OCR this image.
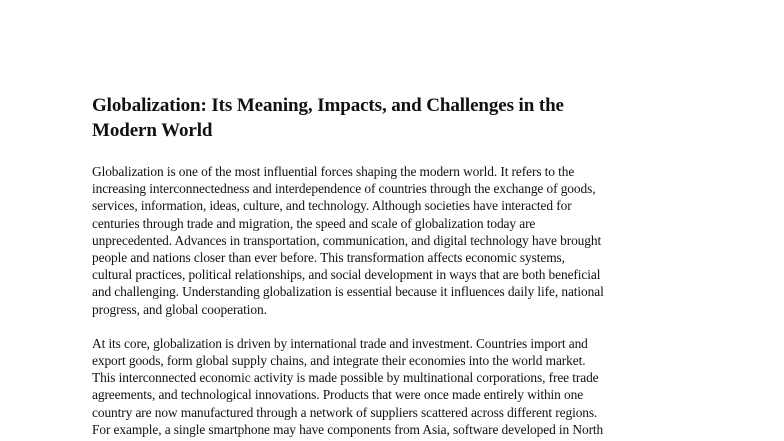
Globalization: Its Meaning, Impacts, and Challenges in the
Modern World

Globalization is one of the most influential forces shaping the modern world. It refers to the
increasing interconnectedness and interdependence of countries through the exchange of goods,
services, information, ideas, culture, and technology. Although societies have interacted for
centuries through trade and migration, the speed and scale of globalization today are
unprecedented. Advances in transportation, communication, and digital technology have brought
people and nations closer than ever before. This transformation affects economic systems,
cultural practices, political relationships, and social development in ways that are both beneficial
and challenging. Understanding globalization is essential because it influences daily life, national
progress, and global cooperation.

At its core, globalization is driven by international trade and investment. Countries import and
export goods, form global supply chains, and integrate their economies into the world market.
This interconnected economic activity is made possible by multinational corporations, free trade
agreements, and technological innovations. Products that were once made entirely within one
country are now manufactured through a network of suppliers scattered across different regions.
For example, a single smartphone may have components from Asia, software developed in North
